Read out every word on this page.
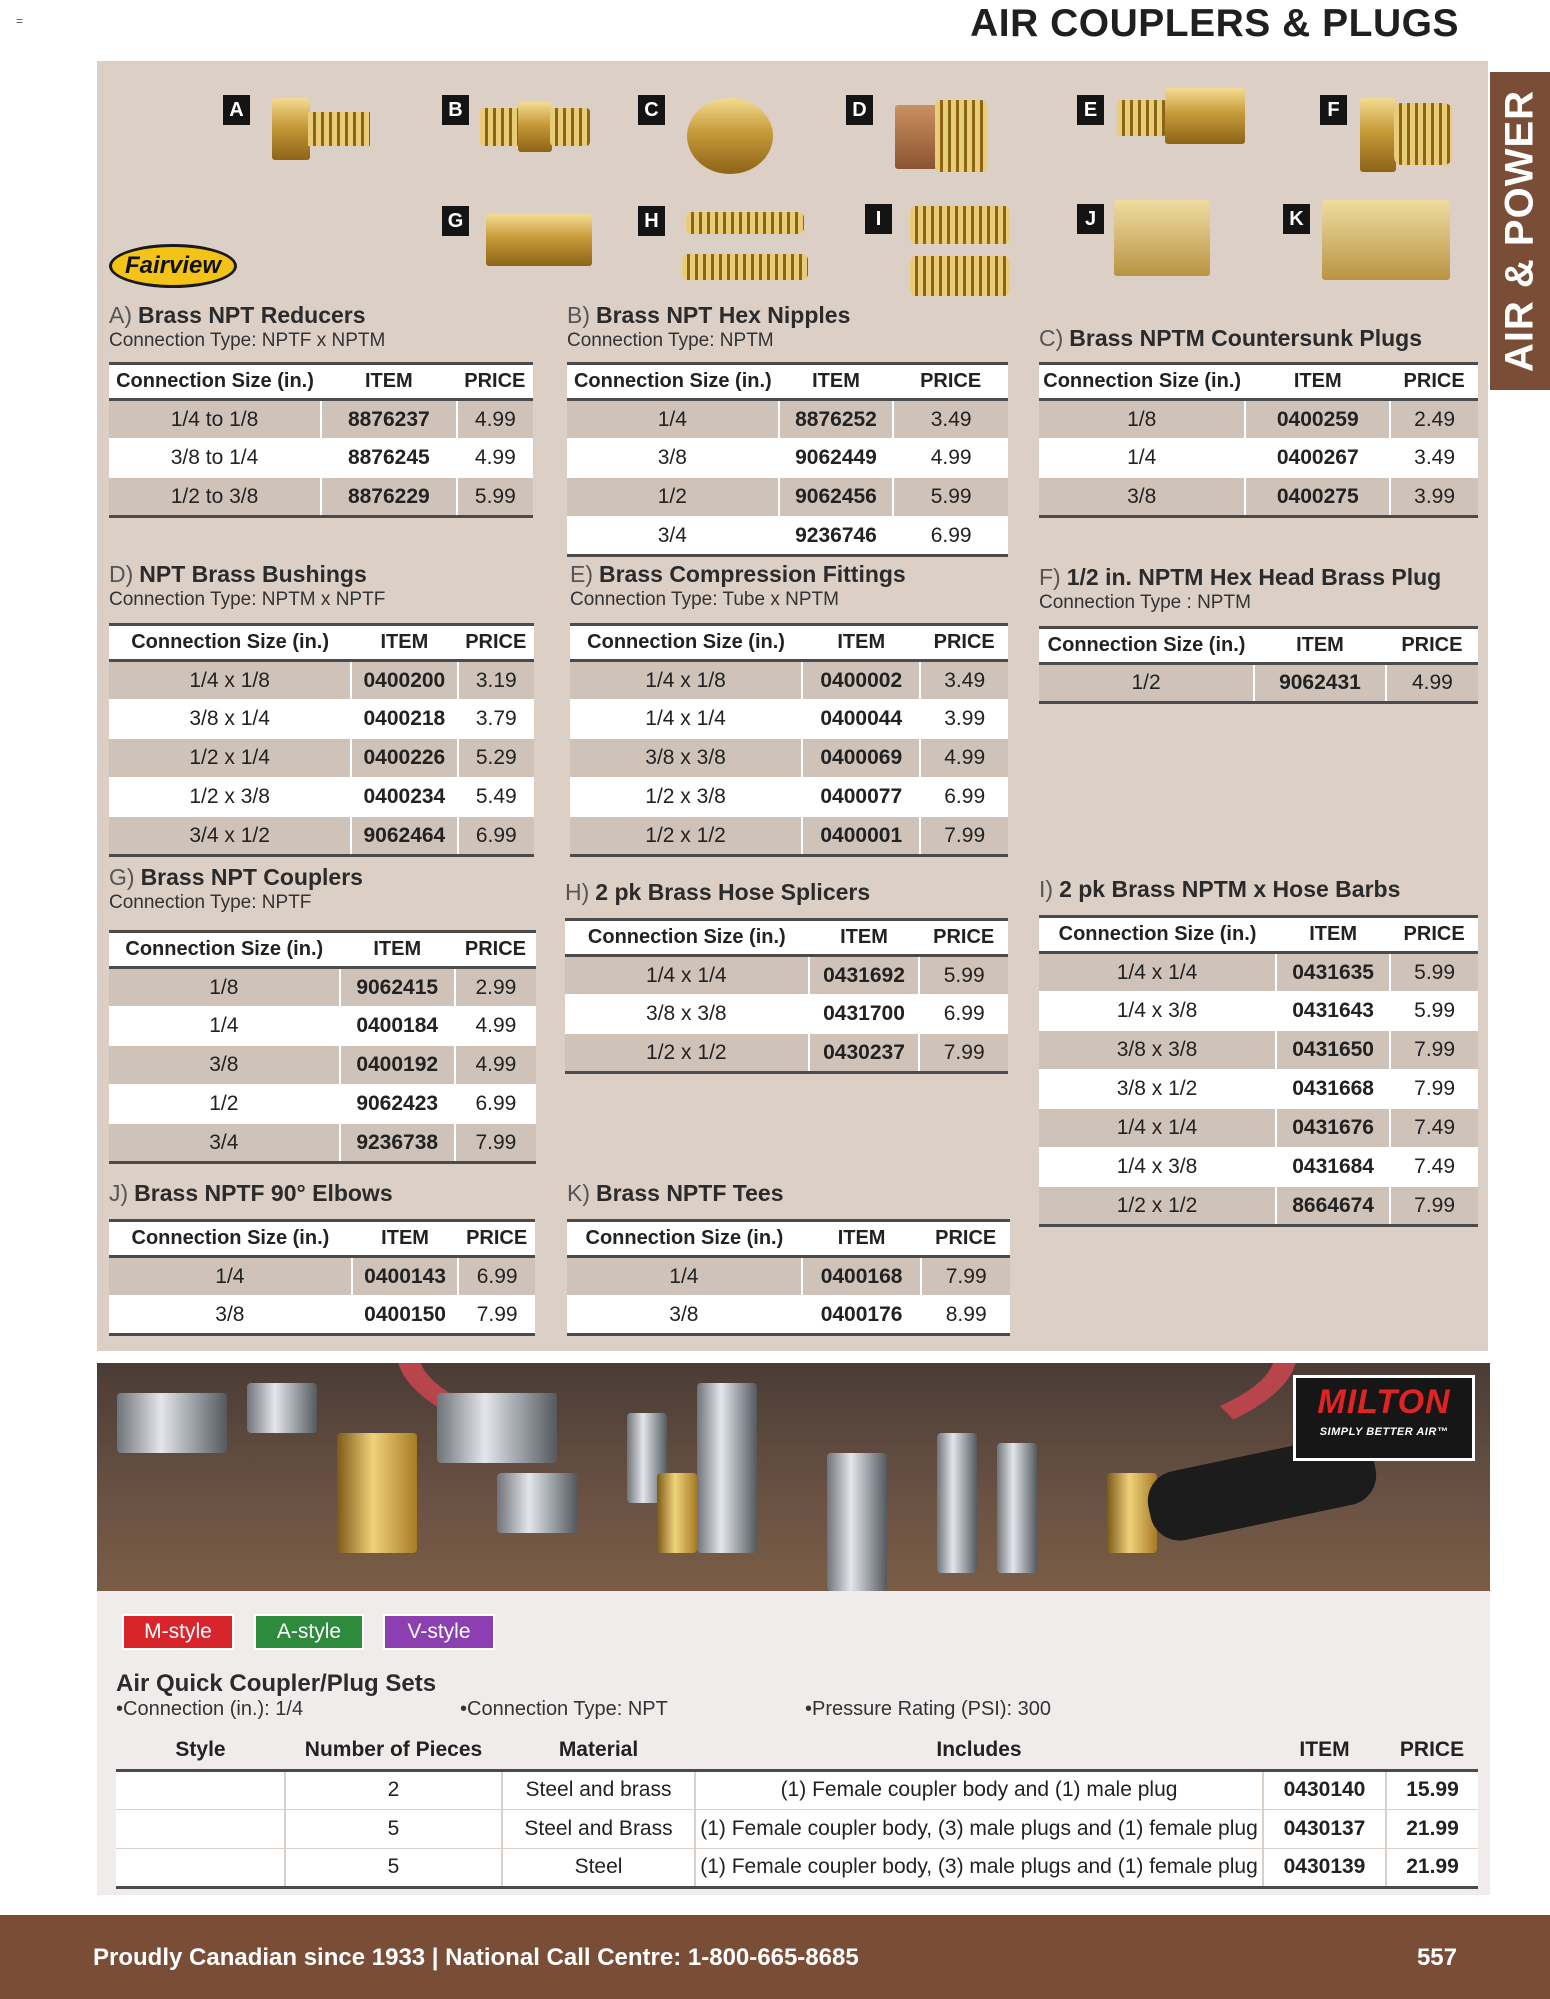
=	AIR COUPLERS & PLUGS
AIR & POWER
A	B	C	D	E	F
G	H	I	J	K
Fairview
A) Brass NPT Reducers
Connection Type: NPTF x NPTM
Connection Size (in.)	ITEM	PRICE
1/4 to 1/8	8876237	4.99
3/8 to 1/4	8876245	4.99
1/2 to 3/8	8876229	5.99
B) Brass NPT Hex Nipples
Connection Type: NPTM
Connection Size (in.)	ITEM	PRICE
1/4	8876252	3.49
3/8	9062449	4.99
1/2	9062456	5.99
3/4	9236746	6.99
C) Brass NPTM Countersunk Plugs
Connection Size (in.)	ITEM	PRICE
1/8	0400259	2.49
1/4	0400267	3.49
3/8	0400275	3.99
D) NPT Brass Bushings
Connection Type: NPTM x NPTF
Connection Size (in.)	ITEM	PRICE
1/4 x 1/8	0400200	3.19
3/8 x 1/4	0400218	3.79
1/2 x 1/4	0400226	5.29
1/2 x 3/8	0400234	5.49
3/4 x 1/2	9062464	6.99
E) Brass Compression Fittings
Connection Type: Tube x NPTM
Connection Size (in.)	ITEM	PRICE
1/4 x 1/8	0400002	3.49
1/4 x 1/4	0400044	3.99
3/8 x 3/8	0400069	4.99
1/2 x 3/8	0400077	6.99
1/2 x 1/2	0400001	7.99
F) 1/2 in. NPTM Hex Head Brass Plug
Connection Type : NPTM
Connection Size (in.)	ITEM	PRICE
1/2	9062431	4.99
G) Brass NPT Couplers
Connection Type: NPTF
Connection Size (in.)	ITEM	PRICE
1/8	9062415	2.99
1/4	0400184	4.99
3/8	0400192	4.99
1/2	9062423	6.99
3/4	9236738	7.99
H) 2 pk Brass Hose Splicers
Connection Size (in.)	ITEM	PRICE
1/4 x 1/4	0431692	5.99
3/8 x 3/8	0431700	6.99
1/2 x 1/2	0430237	7.99
I) 2 pk Brass NPTM x Hose Barbs
Connection Size (in.)	ITEM	PRICE
1/4 x 1/4	0431635	5.99
1/4 x 3/8	0431643	5.99
3/8 x 3/8	0431650	7.99
3/8 x 1/2	0431668	7.99
1/4 x 1/4	0431676	7.49
1/4 x 3/8	0431684	7.49
1/2 x 1/2	8664674	7.99
J) Brass NPTF 90° Elbows
Connection Size (in.)	ITEM	PRICE
1/4	0400143	6.99
3/8	0400150	7.99
K) Brass NPTF Tees
Connection Size (in.)	ITEM	PRICE
1/4	0400168	7.99
3/8	0400176	8.99
MILTON
SIMPLY BETTER AIR™
M-style	A-style	V-style
Air Quick Coupler/Plug Sets
•Connection (in.): 1/4	•Connection Type: NPT	•Pressure Rating (PSI): 300
Style	Number of Pieces	Material	Includes	ITEM	PRICE
M-style	2	Steel and brass	(1) Female coupler body and (1) male plug	0430140	15.99
M-style	5	Steel and Brass	(1) Female coupler body, (3) male plugs and (1) female plug	0430137	21.99
A-style	5	Steel	(1) Female coupler body, (3) male plugs and (1) female plug	0430139	21.99
Proudly Canadian since 1933 | National Call Centre: 1-800-665-8685	557
